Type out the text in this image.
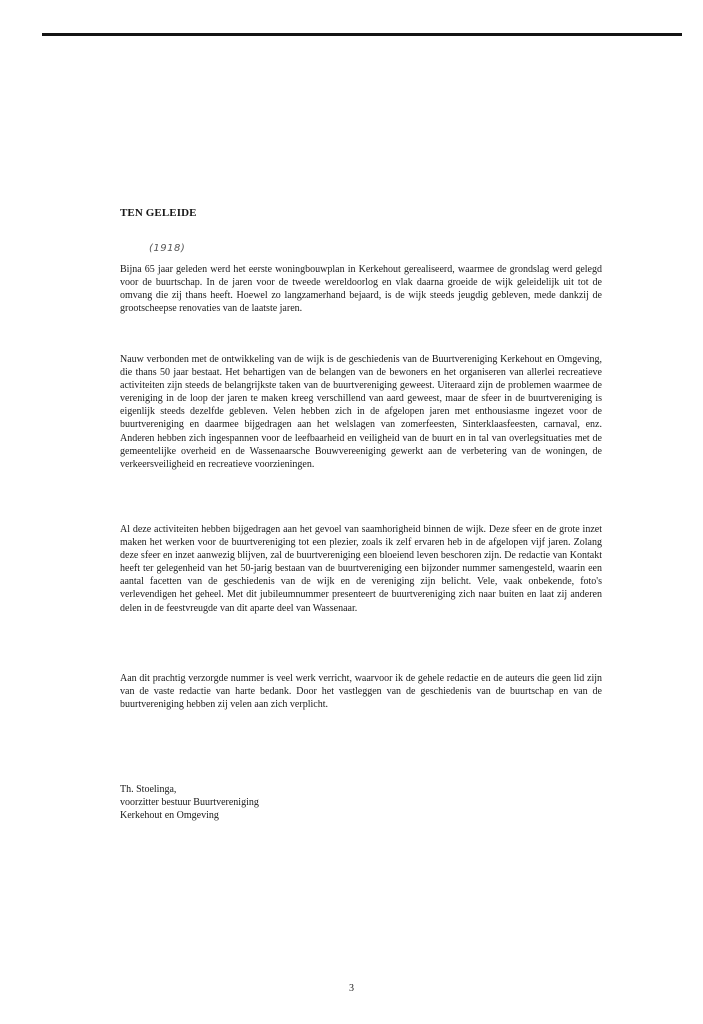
TEN GELEIDE
(1918)

Bijna 65 jaar geleden werd het eerste woningbouwplan in Kerkehout gerealiseerd, waarmee de grondslag werd gelegd voor de buurtschap. In de jaren voor de tweede wereldoorlog en vlak daarna groeide de wijk geleidelijk uit tot de omvang die zij thans heeft. Hoewel zo langzamerhand bejaard, is de wijk steeds jeugdig gebleven, mede dankzij de grootscheepse renovaties van de laatste jaren.

Nauw verbonden met de ontwikkeling van de wijk is de geschiedenis van de Buurtvereniging Kerkehout en Omgeving, die thans 50 jaar bestaat. Het behartigen van de belangen van de bewoners en het organiseren van allerlei recreatieve activiteiten zijn steeds de belangrijkste taken van de buurtvereniging geweest. Uiteraard zijn de problemen waarmee de vereniging in de loop der jaren te maken kreeg verschillend van aard geweest, maar de sfeer in de buurtvereniging is eigenlijk steeds dezelfde gebleven. Velen hebben zich in de afgelopen jaren met enthousiasme ingezet voor de buurtvereniging en daarmee bijgedragen aan het welslagen van zomerfeesten, Sinterklaasfeesten, carnaval, enz. Anderen hebben zich ingespannen voor de leefbaarheid en veiligheid van de buurt en in tal van overlegsituaties met de gemeentelijke overheid en de Wassenaarsche Bouwvereeniging gewerkt aan de verbetering van de woningen, de verkeersveiligheid en recreatieve voorzieningen.

Al deze activiteiten hebben bijgedragen aan het gevoel van saamhorigheid binnen de wijk. Deze sfeer en de grote inzet maken het werken voor de buurtvereniging tot een plezier, zoals ik zelf ervaren heb in de afgelopen vijf jaren. Zolang deze sfeer en inzet aanwezig blijven, zal de buurtvereniging een bloeiend leven beschoren zijn. De redactie van Kontakt heeft ter gelegenheid van het 50-jarig bestaan van de buurtvereniging een bijzonder nummer samengesteld, waarin een aantal facetten van de geschiedenis van de wijk en de vereniging zijn belicht. Vele, vaak onbekende, foto's verlevendigen het geheel. Met dit jubileumnummer presenteert de buurtvereniging zich naar buiten en laat zij anderen delen in de feestvreugde van dit aparte deel van Wassenaar.

Aan dit prachtig verzorgde nummer is veel werk verricht, waarvoor ik de gehele redactie en de auteurs die geen lid zijn van de vaste redactie van harte bedank. Door het vastleggen van de geschiedenis van de buurtschap en van de buurtvereniging hebben zij velen aan zich verplicht.

Th. Stoelinga,
voorzitter bestuur Buurtvereniging
Kerkehout en Omgeving
3
